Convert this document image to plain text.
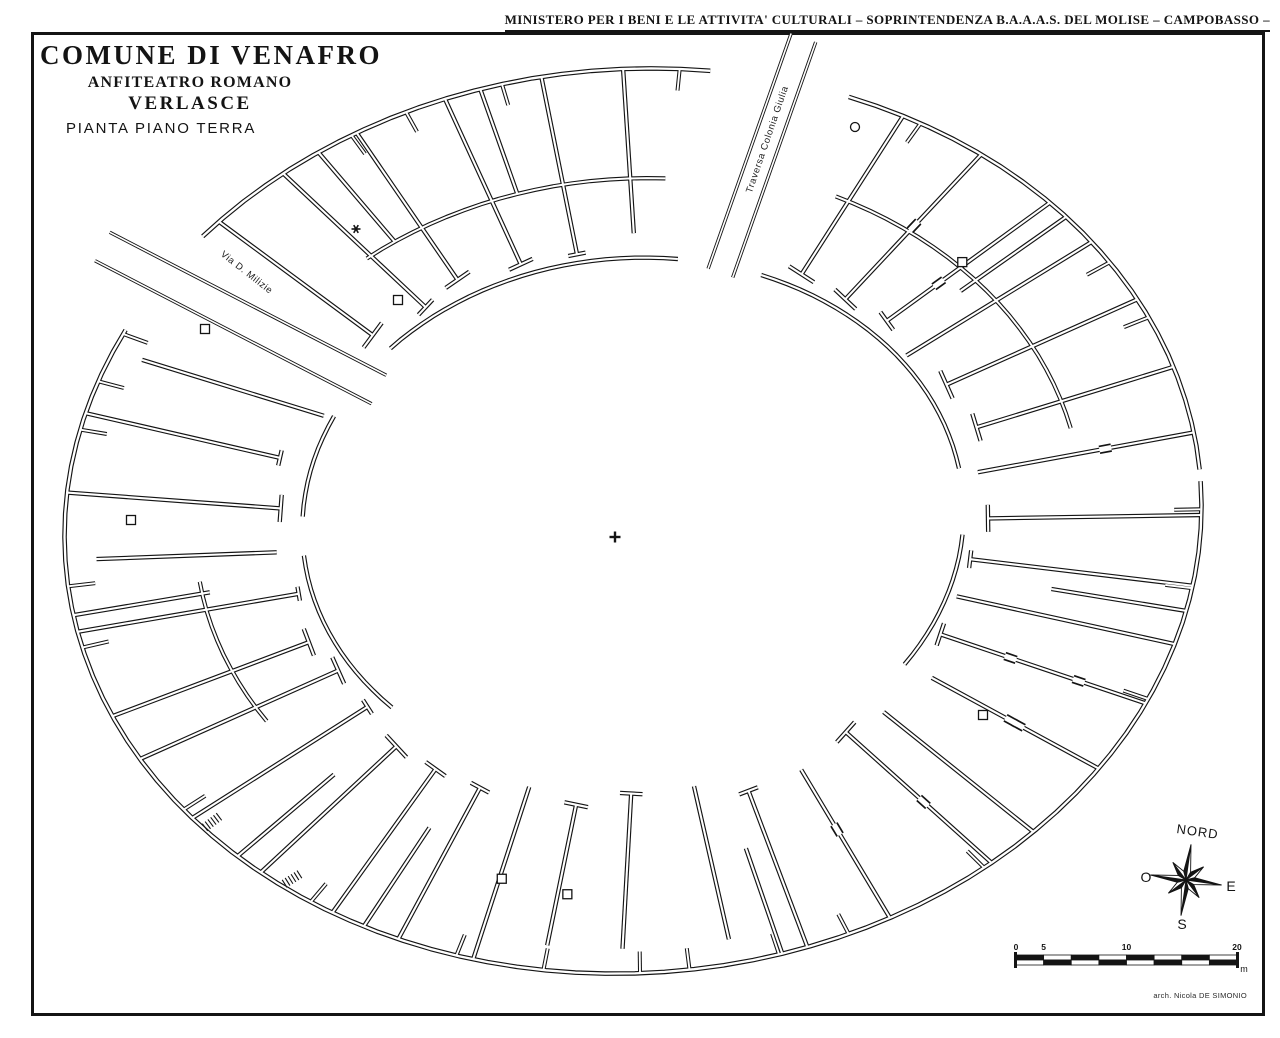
MINISTERO PER I BENI E LE ATTIVITA' CULTURALI – SOPRINTENDENZA B.A.A.A.S. DEL MOLISE – CAMPOBASSO –
COMUNE DI VENAFRO
ANFITEATRO ROMANO
VERLASCE
PIANTA PIANO TERRA
NORD
O
E
S
0	5	10	20
m
Via D. Milizie
Traversa Colonia Giulia
arch. Nicola DE SIMONIO
